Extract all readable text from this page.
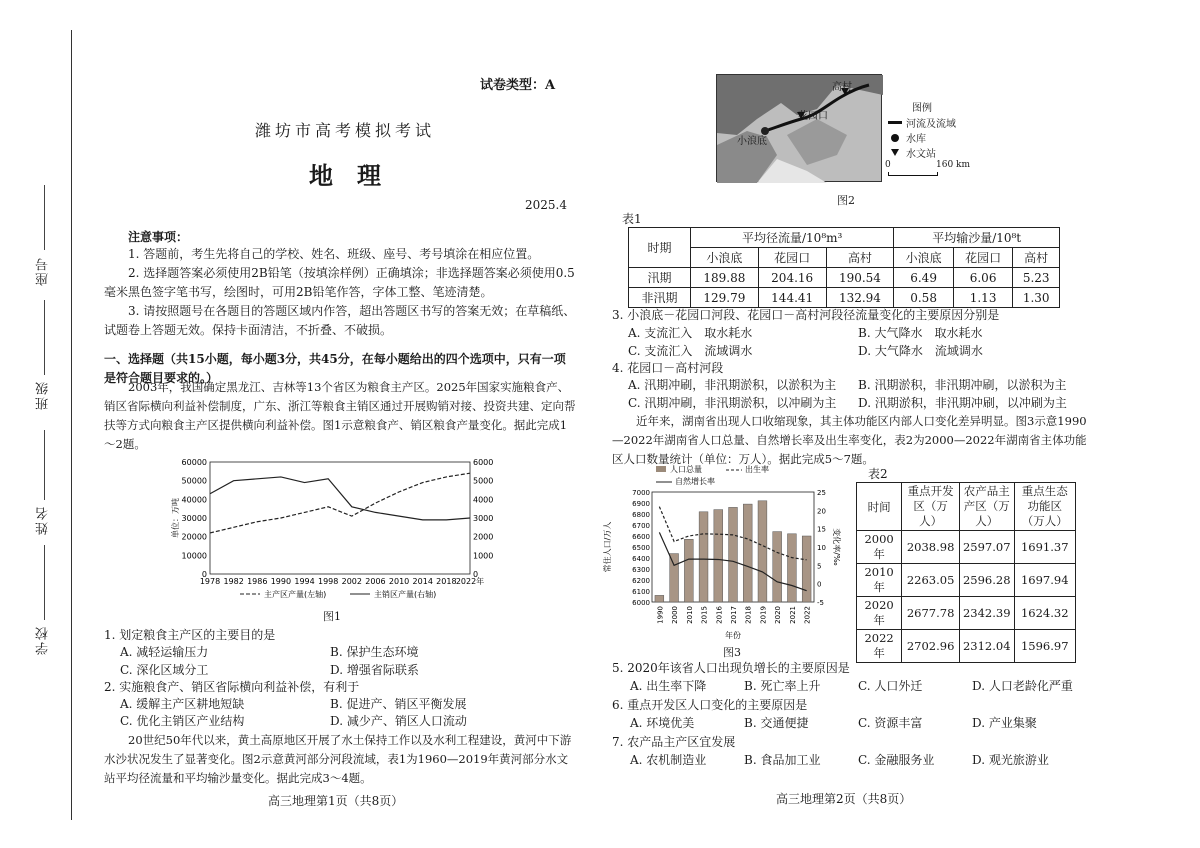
座号
班级
姓名
学校
试卷类型：A
潍坊市高考模拟考试
地　理
2025.4
注意事项：
1. 答题前，考生先将自己的学校、姓名、班级、座号、考号填涂在相应位置。
2. 选择题答案必须使用2B铅笔（按填涂样例）正确填涂；非选择题答案必须使用0.5毫米黑色签字笔书写，绘图时，可用2B铅笔作答，字体工整、笔迹清楚。
3. 请按照题号在各题目的答题区域内作答，超出答题区书写的答案无效；在草稿纸、试题卷上答题无效。保持卡面清洁，不折叠、不破损。
一、选择题（共15小题，每小题3分，共45分，在每小题给出的四个选项中，只有一项是符合题目要求的。）
2003年，我国确定黑龙江、吉林等13个省区为粮食主产区。2025年国家实施粮食产、销区省际横向利益补偿制度，广东、浙江等粮食主销区通过开展购销对接、投资共建、定向帮扶等方式向粮食主产区提供横向利益补偿。图1示意粮食产、销区粮食产量变化。据此完成1～2题。
0
10000
20000
30000
40000
50000
60000
0
1000
2000
3000
4000
5000
6000
1978 1982 1986 1990 1994 1998 2002 2006 2010 2014 2018 2022年
单位：万吨
主产区产量(左轴)	主销区产量(右轴)
图1
1. 划定粮食主产区的主要目的是
A. 减轻运输压力	B. 保护生态环境
C. 深化区域分工	D. 增强省际联系
2. 实施粮食产、销区省际横向利益补偿，有利于
A. 缓解主产区耕地短缺	B. 促进产、销区平衡发展
C. 优化主销区产业结构	D. 减少产、销区人口流动
20世纪50年代以来，黄土高原地区开展了水土保持工作以及水利工程建设，黄河中下游水沙状况发生了显著变化。图2示意黄河部分河段流域，表1为1960—2019年黄河部分水文站平均径流量和平均输沙量变化。据此完成3～4题。
高三地理第1页（共8页）
高村
花园口
小浪底
图例
河流及流域
水库
水文站
0	160 km
图2
表1
时期	平均径流量/10⁸m³			平均输沙量/10⁸t		
	小浪底	花园口	高村	小浪底	花园口	高村
汛期	189.88	204.16	190.54	6.49	6.06	5.23
非汛期	129.79	144.41	132.94	0.58	1.13	1.30
3. 小浪底－花园口河段、花园口－高村河段径流量变化的主要原因分别是
A. 支流汇入　取水耗水	B. 大气降水　取水耗水
C. 支流汇入　流域调水	D. 大气降水　流域调水
4. 花园口－高村河段
A. 汛期冲刷，非汛期淤积，以淤积为主	B. 汛期淤积，非汛期冲刷，以淤积为主
C. 汛期冲刷，非汛期淤积，以冲刷为主	D. 汛期淤积，非汛期冲刷，以冲刷为主
近年来，湖南省出现人口收缩现象，其主体功能区内部人口变化差异明显。图3示意1990—2022年湖南省人口总量、自然增长率及出生率变化，表2为2000—2022年湖南省主体功能区人口数量统计（单位：万人）。据此完成5～7题。
人口总量	出生率
自然增长率
6000
6100
6200
6300
6400
6500
6600
6700
6800
6900
7000
-5
0
5
10
15
20
25
常住人口/万人	变化率/‰
1990 2000 2010 2015 2016 2017 2018 2019 2020 2021 2022
年份
图3
表2
时间	重点开发区（万人）	农产品主产区（万人）	重点生态功能区（万人）
2000 年	2038.98	2597.07	1691.37
2010 年	2263.05	2596.28	1697.94
2020 年	2677.78	2342.39	1624.32
2022 年	2702.96	2312.04	1596.97
5. 2020年该省人口出现负增长的主要原因是
A. 出生率下降	B. 死亡率上升	C. 人口外迁	D. 人口老龄化严重
6. 重点开发区人口变化的主要原因是
A. 环境优美	B. 交通便捷	C. 资源丰富	D. 产业集聚
7. 农产品主产区宜发展
A. 农机制造业	B. 食品加工业	C. 金融服务业	D. 观光旅游业
高三地理第2页（共8页）
